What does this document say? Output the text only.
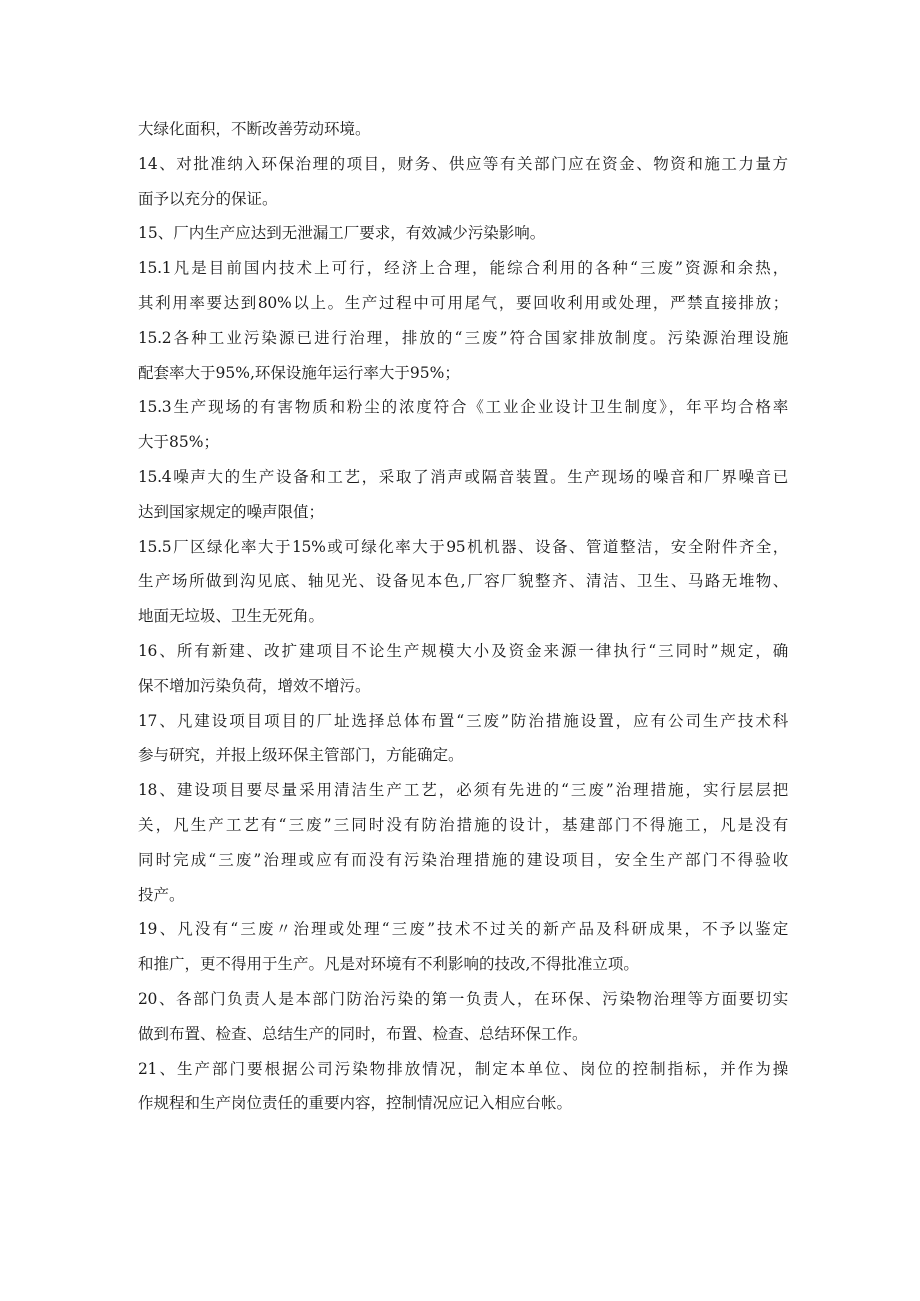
大绿化面积，不断改善劳动环境。
14、对批准纳入环保治理的项目，财务、供应等有关部门应在资金、物资和施工力量方
面予以充分的保证。
15、厂内生产应达到无泄漏工厂要求，有效减少污染影响。
15.1凡是目前国内技术上可行，经济上合理，能综合利用的各种“三废”资源和余热，
其利用率要达到80%以上。生产过程中可用尾气，要回收利用或处理，严禁直接排放；
15.2各种工业污染源已进行治理，排放的“三废”符合国家排放制度。污染源治理设施
配套率大于95%,环保设施年运行率大于95%；
15.3生产现场的有害物质和粉尘的浓度符合《工业企业设计卫生制度》，年平均合格率
大于85%；
15.4噪声大的生产设备和工艺，采取了消声或隔音装置。生产现场的噪音和厂界噪音已
达到国家规定的噪声限值；
15.5厂区绿化率大于15%或可绿化率大于95机机器、设备、管道整洁，安全附件齐全，
生产场所做到沟见底、轴见光、设备见本色,厂容厂貌整齐、清洁、卫生、马路无堆物、
地面无垃圾、卫生无死角。
16、所有新建、改扩建项目不论生产规模大小及资金来源一律执行“三同时”规定，确
保不增加污染负荷，增效不增污。
17、凡建设项目项目的厂址选择总体布置“三废”防治措施设置，应有公司生产技术科
参与研究，并报上级环保主管部门，方能确定。
18、建设项目要尽量采用清洁生产工艺，必须有先进的“三废”治理措施，实行层层把
关，凡生产工艺有“三废”三同时没有防治措施的设计，基建部门不得施工，凡是没有
同时完成“三废”治理或应有而没有污染治理措施的建设项目，安全生产部门不得验收
投产。
19、凡没有“三废〃治理或处理“三废”技术不过关的新产品及科研成果，不予以鉴定
和推广，更不得用于生产。凡是对环境有不利影响的技改,不得批准立项。
20、各部门负责人是本部门防治污染的第一负责人，在环保、污染物治理等方面要切实
做到布置、检查、总结生产的同时，布置、检查、总结环保工作。
21、生产部门要根据公司污染物排放情况，制定本单位、岗位的控制指标，并作为操
作规程和生产岗位责任的重要内容，控制情况应记入相应台帐。
